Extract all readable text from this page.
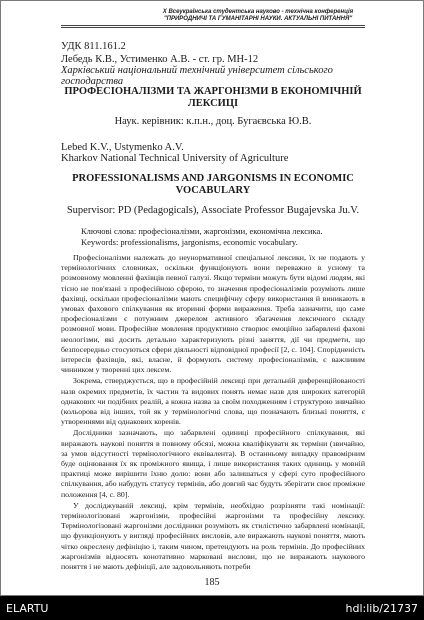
X Всеукраїнська студентська науково - технічна конференція "ПРИРОДНИЧІ ТА ГУМАНІТАРНІ НАУКИ. АКТУАЛЬНІ ПИТАННЯ"
УДК 811.161.2
Лебедь К.В., Устименко А.В. - ст. гр. МН-12
Харківський національний технічний університет сільського господарства
ПРОФЕСІОНАЛІЗМИ ТА ЖАРГОНІЗМИ В ЕКОНОМІЧНІЙ ЛЕКСИЦІ
Наук. керівник: к.п.н., доц. Бугаєвська Ю.В.
Lebed K.V., Ustymenko A.V.
Kharkov National Technical University of Agriculture
PROFESSIONALISMS AND JARGONISMS IN ECONOMIC VOCABULARY
Supervisor: PD (Pedagogicals), Associate Professor Bugajevska Ju.V.
Ключові слова: професіоналізми, жаргонізми, економічна лексика.
Keywords: professionalisms, jargonisms, economic vocabulary.

Професіоналізми належать до неунормативної спеціальної лексики, їх не подають у термінологічних словниках, оскільки функціонують вони переважно в усному та розмовному мовленні фахівців певної галузі. Якщо терміни можуть бути відомі людям, які тісно не пов'язані з професійною сферою, то значення професіоналізмів розуміють лише фахівці, оскільки професіоналізми мають специфічну сферу використання й виникають в умовах фахового спілкування як вторинні форми вираження. Треба зазначити, що саме професіоналізми є потужним джерелом активного збагачення лексичного складу розмовної мови. Професійне мовлення продуктивно створює емоційно забарвлені фахові неологізми, які досить детально характеризують різні заняття, дії чи предмети, що безпосередньо стосуються сфери діяльності відповідної професії [2, с. 104]. Спорідненість інтересів фахівців, які, власне, й формують систему професіоналізмів, є важливим чинником у творенні цих лексем.

Зокрема, стверджується, що в професійній лексиці при детальній диференційованості назв окремих предметів, їх частин та видових понять немає назв для широких категорій однакових чи подібних реалій, а кожна назва за своїм походженням і структурою знвчайно (кольорова від інших, той як у термінологічні слова, що позначають близькі поняття, є утвореннями від однакових коренів.

Дослідники зазначають, що забарвлені одиниці професійного спілкування, які виражають наукові поняття в повному обсязі, можна кваліфікувати як терміни (звичайно, за умов відсутності термінологічного еквівалента). В останньому випадку правомірним буде оцінювання їх як проміжного явища, і лише використання таких одиниць у мовній практиці може вирішити їхню долю: вони або залишаться у сфері суто професійного спілкування, або набудуть статусу термінів, або довгий час будуть зберігати своє проміжне положення [4, с. 80].

У досліджуваній лексиці, крім термінів, необхідно розрізняти такі номінації: термінологізовані жаргонізми, професійні жаргонізми та професійну лексику. Термінологізовані жаргонізми дослідники розуміють як стилістично забарвлені номінації, що функціонують у вигляді професійних висловів, але виражають наукові поняття, мають чітко окреслену дефініцію і, таким чином, претендують на роль термінів. До професійних жаргонізмів відносять конотативно марковані вислови, що не виражають наукового поняття і не мають дефініції, але задовольняють потреби

185
ELARTU	hdl:lib/21737
